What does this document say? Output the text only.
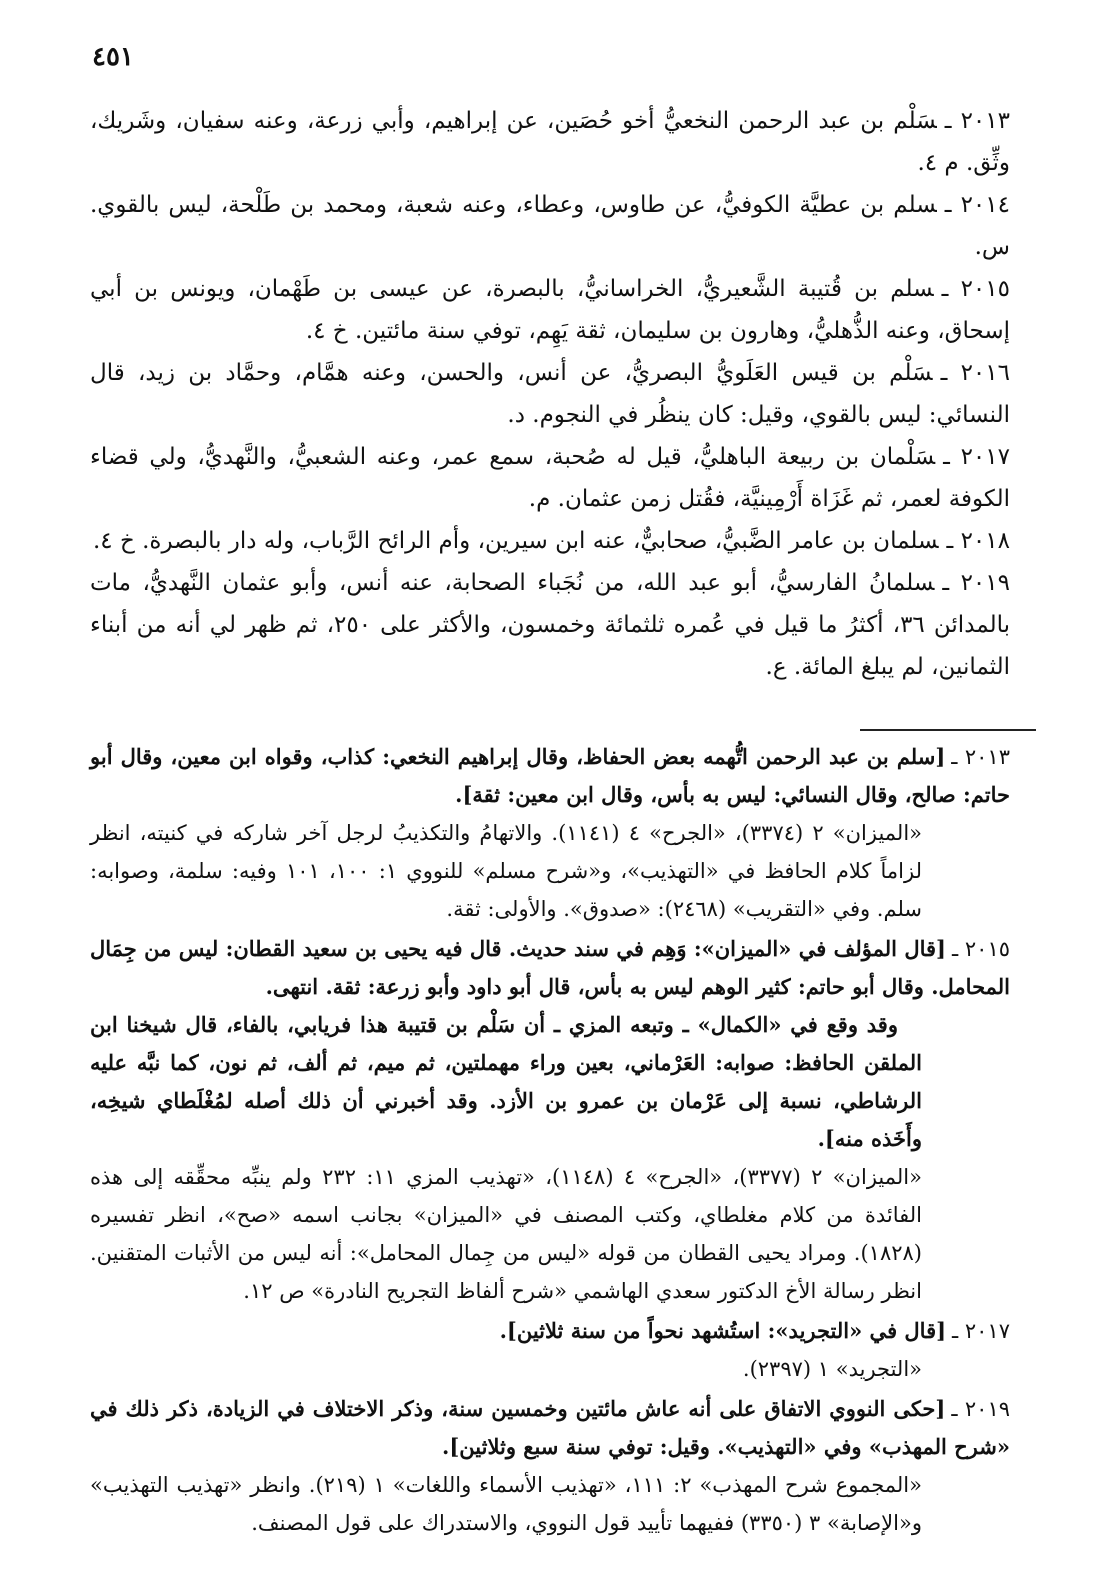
٤٥١

٢٠١٣ ـسَلْم بن عبد الرحمن النخعيُّ أخو حُصَين، عن إبراهيم، وأبي زرعة، وعنه سفيان، وشَريك، وثِّق. م ٤.

٢٠١٤ ـسلم بن عطيَّة الكوفيُّ، عن طاوس، وعطاء، وعنه شعبة، ومحمد بن طَلْحة، ليس بالقوي. س.

٢٠١٥ ـسلم بن قُتيبة الشَّعيريُّ، الخراسانيُّ، بالبصرة، عن عيسى بن طَهْمان، ويونس بن أبي إسحاق، وعنه الذُّهليُّ، وهارون بن سليمان، ثقة يَهِم، توفي سنة مائتين. خ ٤.

٢٠١٦ ـسَلْم بن قيس العَلَويُّ البصريُّ، عن أنس، والحسن، وعنه همَّام، وحمَّاد بن زيد، قال النسائي: ليس بالقوي، وقيل: كان ينظُر في النجوم. د.

٢٠١٧ ـسَلْمان بن ربيعة الباهليُّ، قيل له صُحبة، سمع عمر، وعنه الشعبيُّ، والنَّهديُّ، ولي قضاء الكوفة لعمر، ثم غَزَاة أَرْمِينيَّة، فقُتل زمن عثمان. م.

٢٠١٨ ـسلمان بن عامر الضَّبيُّ، صحابيٌّ، عنه ابن سيرين، وأم الرائح الرَّباب، وله دار بالبصرة. خ ٤.

٢٠١٩ ـسلمانُ الفارسيُّ، أبو عبد الله، من نُجَباء الصحابة، عنه أنس، وأبو عثمان النَّهديُّ، مات بالمدائن ٣٦، أكثرُ ما قيل في عُمره ثلثمائة وخمسون، والأكثر على ٢٥٠، ثم ظهر لي أنه من أبناء الثمانين، لم يبلغ المائة. ع.

٢٠١٣ ـ[سلم بن عبد الرحمن اتُّهمه بعض الحفاظ، وقال إبراهيم النخعي: كذاب، وقواه ابن معين، وقال أبو حاتم: صالح، وقال النسائي: ليس به بأس، وقال ابن معين: ثقة].

«الميزان» ٢ (٣٣٧٤)، «الجرح» ٤ (١١٤١). والاتهامُ والتكذيبُ لرجل آخر شاركه في كنيته، انظر لزاماً كلام الحافظ في «التهذيب»، و«شرح مسلم» للنووي ١: ١٠٠، ١٠١ وفيه: سلمة، وصوابه: سلم. وفي «التقريب» (٢٤٦٨): «صدوق». والأولى: ثقة.

٢٠١٥ ـ[قال المؤلف في «الميزان»: وَهِم في سند حديث. قال فيه يحيى بن سعيد القطان: ليس من جِمَال المحامل. وقال أبو حاتم: كثير الوهم ليس به بأس، قال أبو داود وأبو زرعة: ثقة. انتهى.

وقد وقع في «الكمال» ـ وتبعه المزي ـ أن سَلْم بن قتيبة هذا فريابي، بالفاء، قال شيخنا ابن الملقن الحافظ: صوابه: العَرْماني، بعين وراء مهملتين، ثم ميم، ثم ألف، ثم نون، كما نبَّه عليه الرشاطي، نسبة إلى عَرْمان بن عمرو بن الأزد. وقد أخبرني أن ذلك أصله لمُغْلَطاي شيخِه، وأَخَذه منه].

«الميزان» ٢ (٣٣٧٧)، «الجرح» ٤ (١١٤٨)، «تهذيب المزي ١١: ٢٣٢ ولم ينبِّه محقِّقه إلى هذه الفائدة من كلام مغلطاي، وكتب المصنف في «الميزان» بجانب اسمه «صح»، انظر تفسيره (١٨٢٨). ومراد يحيى القطان من قوله «ليس من جِمال المحامل»: أنه ليس من الأثبات المتقنين. انظر رسالة الأخ الدكتور سعدي الهاشمي «شرح ألفاظ التجريح النادرة» ص ١٢.

٢٠١٧ ـ[قال في «التجريد»: استُشهد نحواً من سنة ثلاثين].

«التجريد» ١ (٢٣٩٧).

٢٠١٩ ـ[حكى النووي الاتفاق على أنه عاش مائتين وخمسين سنة، وذكر الاختلاف في الزيادة، ذكر ذلك في «شرح المهذب» وفي «التهذيب». وقيل: توفي سنة سبع وثلاثين].

«المجموع شرح المهذب» ٢: ١١١، «تهذيب الأسماء واللغات» ١ (٢١٩). وانظر «تهذيب التهذيب» و«الإصابة» ٣ (٣٣٥٠) ففيهما تأييد قول النووي، والاستدراك على قول المصنف.
